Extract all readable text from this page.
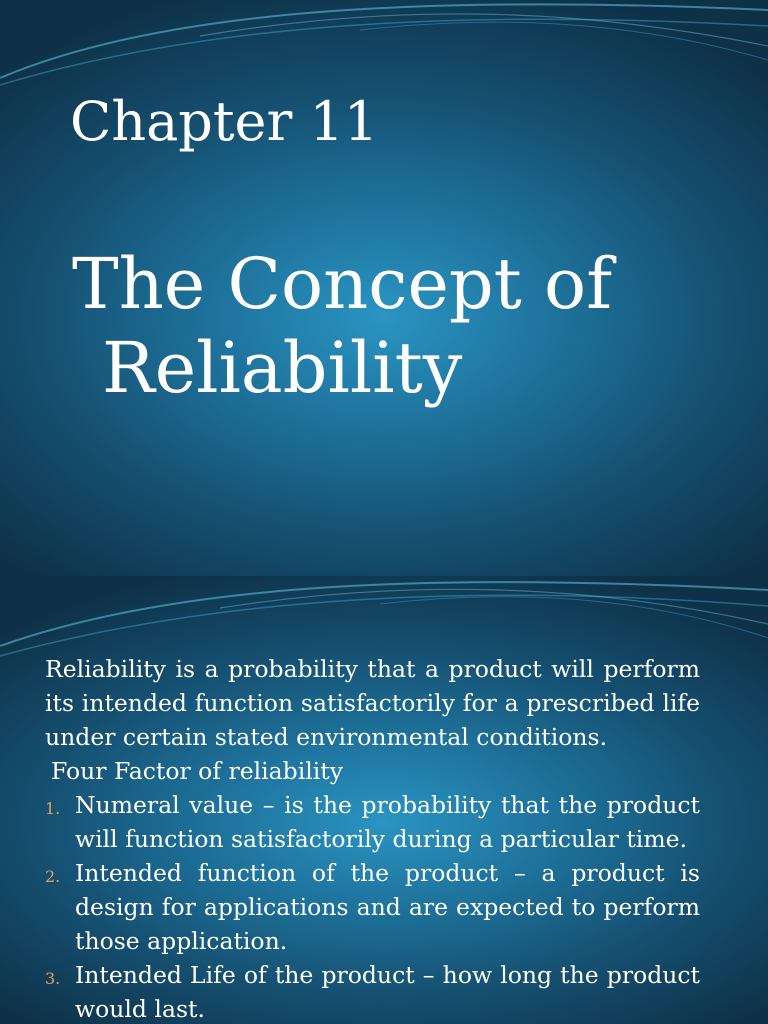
Chapter 11
The Concept of
Reliability

Reliability is a probability that a product will perform its intended function satisfactorily for a prescribed life under certain stated environmental conditions.

Four Factor of reliability

1. Numeral value – is the probability that the product will function satisfactorily during a particular time.
2. Intended function of the product – a product is design for applications and are expected to perform those application.
3. Intended Life of the product – how long the product would last.
